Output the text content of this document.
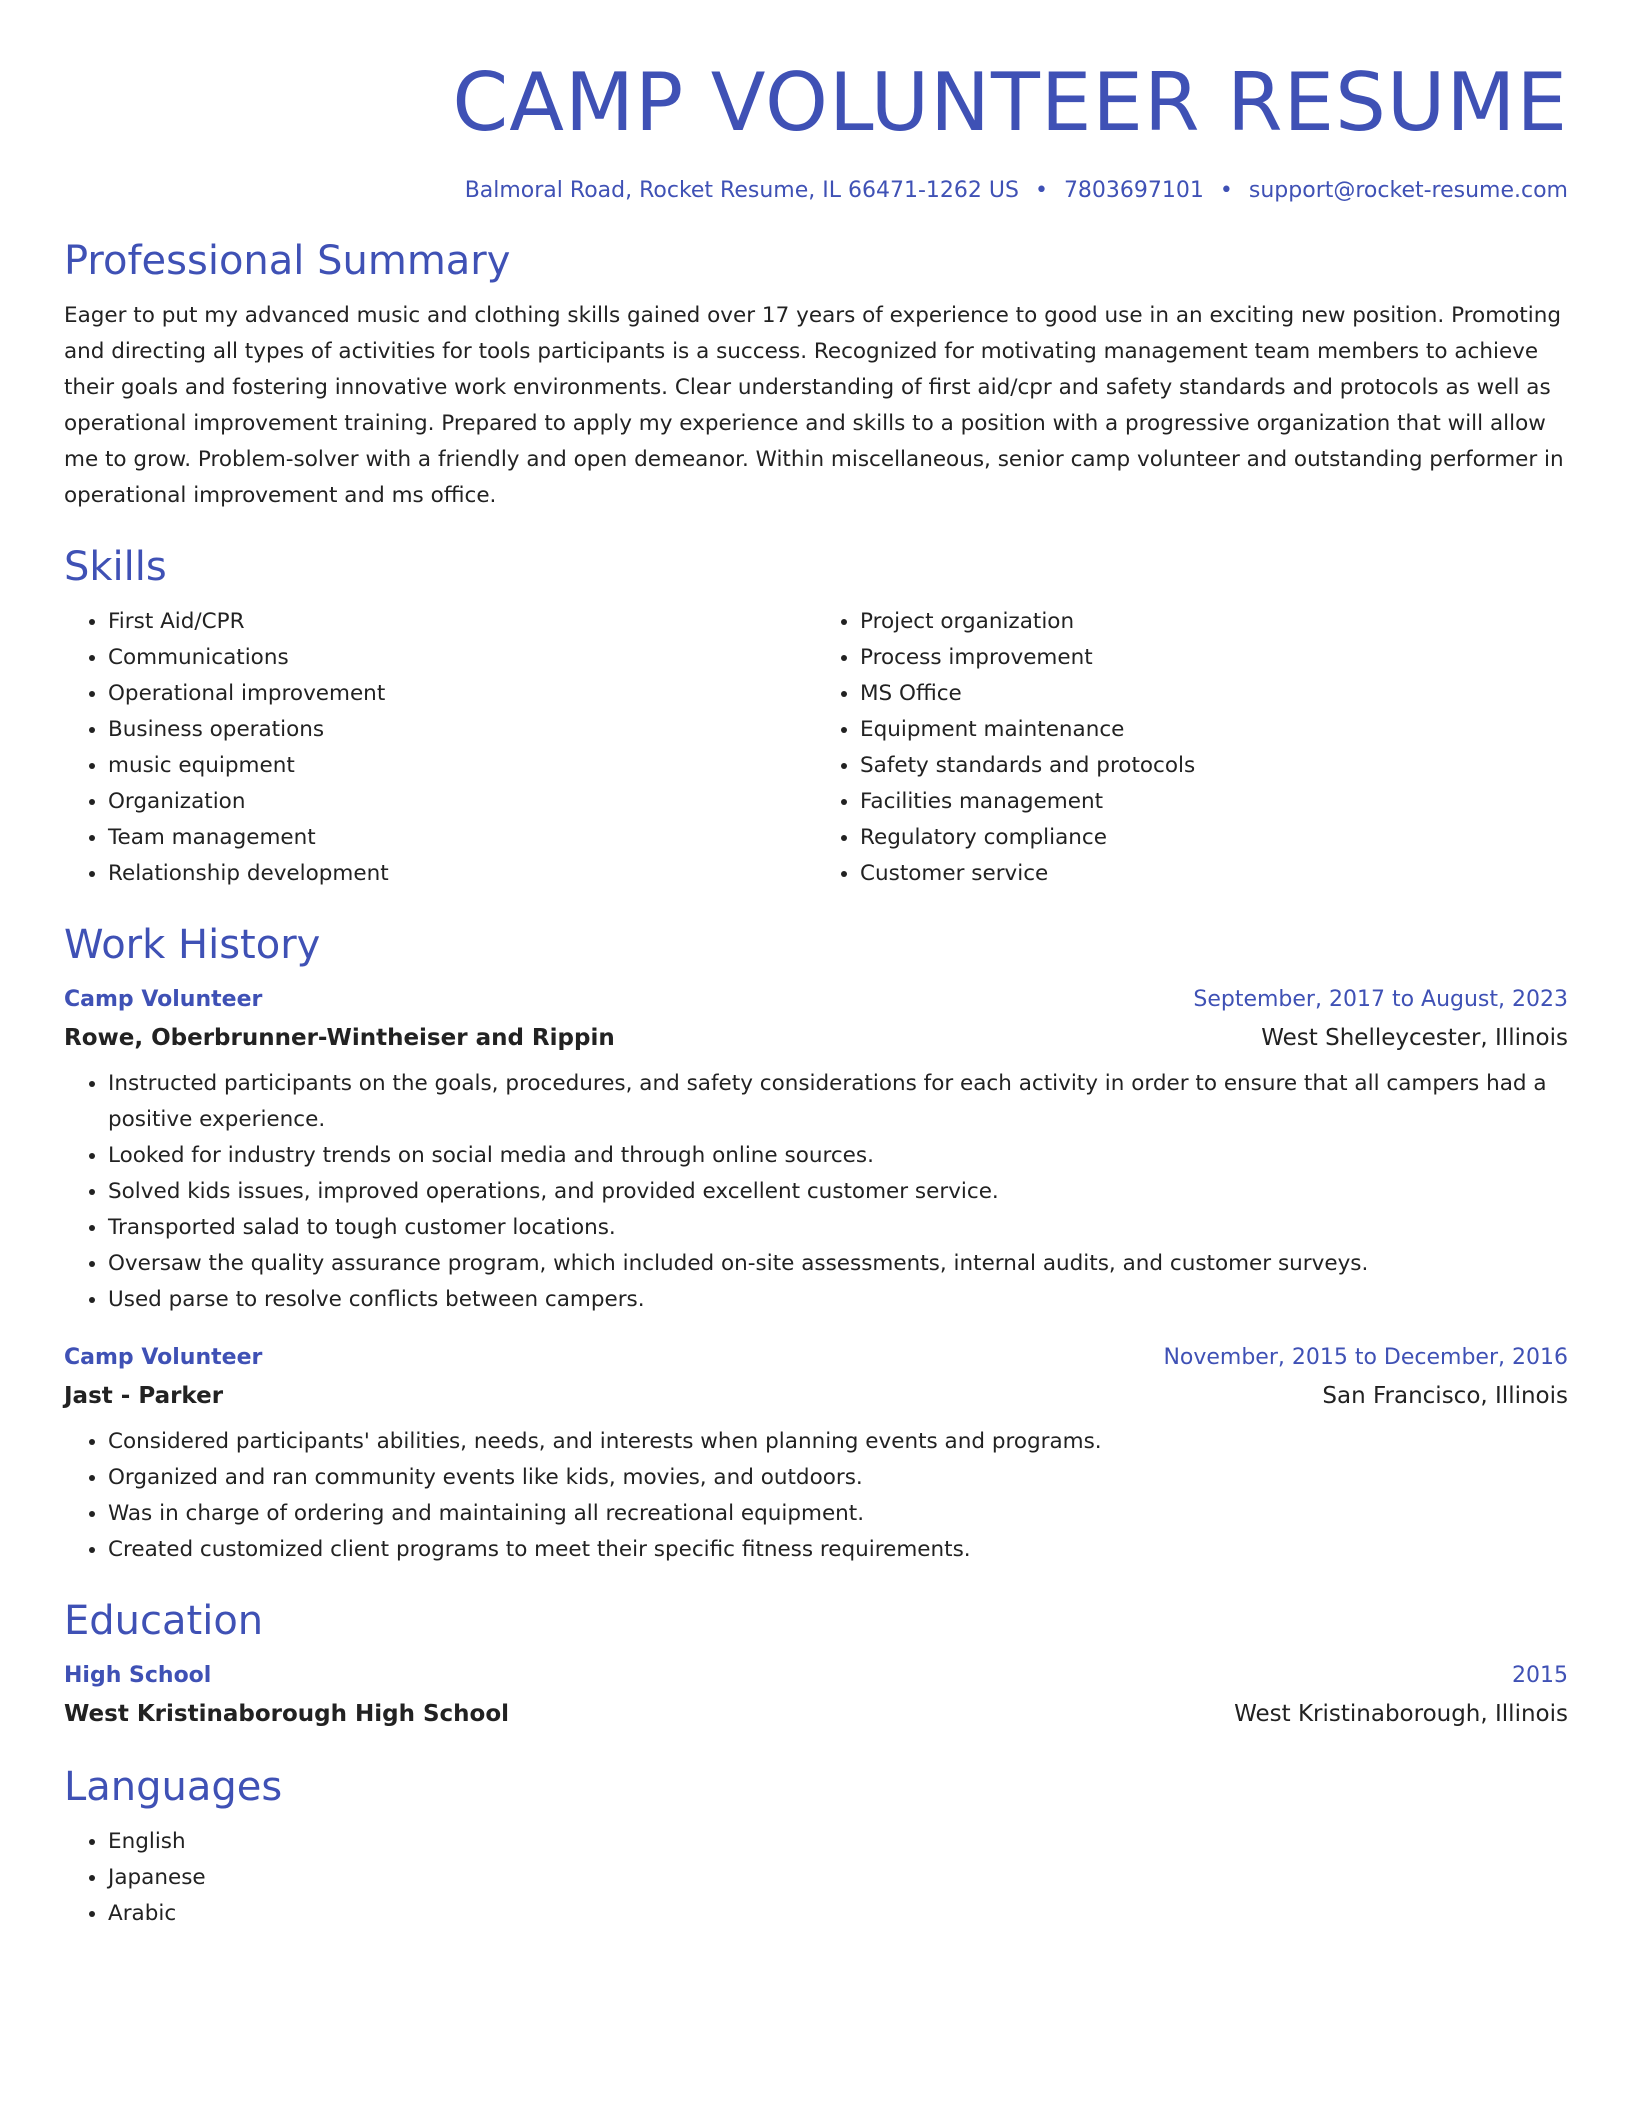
CAMP VOLUNTEER RESUME
Balmoral Road, Rocket Resume, IL 66471-1262 US • 7803697101 • support@rocket-resume.com
Professional Summary

Eager to put my advanced music and clothing skills gained over 17 years of experience to good use in an exciting new position. Promoting and directing all types of activities for tools participants is a success. Recognized for motivating management team members to achieve their goals and fostering innovative work environments. Clear understanding of first aid/cpr and safety standards and protocols as well as operational improvement training. Prepared to apply my experience and skills to a position with a progressive organization that will allow me to grow. Problem-solver with a friendly and open demeanor. Within miscellaneous, senior camp volunteer and outstanding performer in operational improvement and ms office.

Skills
• First Aid/CPR
• Communications
• Operational improvement
• Business operations
• music equipment
• Organization
• Team management
• Relationship development
• Project organization
• Process improvement
• MS Office
• Equipment maintenance
• Safety standards and protocols
• Facilities management
• Regulatory compliance
• Customer service
Work History
Camp Volunteer	September, 2017 to August, 2023
Rowe, Oberbrunner-Wintheiser and Rippin	West Shelleycester, Illinois
• Instructed participants on the goals, procedures, and safety considerations for each activity in order to ensure that all campers had a positive experience.
• Looked for industry trends on social media and through online sources.
• Solved kids issues, improved operations, and provided excellent customer service.
• Transported salad to tough customer locations.
• Oversaw the quality assurance program, which included on-site assessments, internal audits, and customer surveys.
• Used parse to resolve conflicts between campers.
Camp Volunteer	November, 2015 to December, 2016
Jast - Parker	San Francisco, Illinois
• Considered participants' abilities, needs, and interests when planning events and programs.
• Organized and ran community events like kids, movies, and outdoors.
• Was in charge of ordering and maintaining all recreational equipment.
• Created customized client programs to meet their specific fitness requirements.
Education
High School	2015
West Kristinaborough High School	West Kristinaborough, Illinois
Languages
• English
• Japanese
• Arabic
